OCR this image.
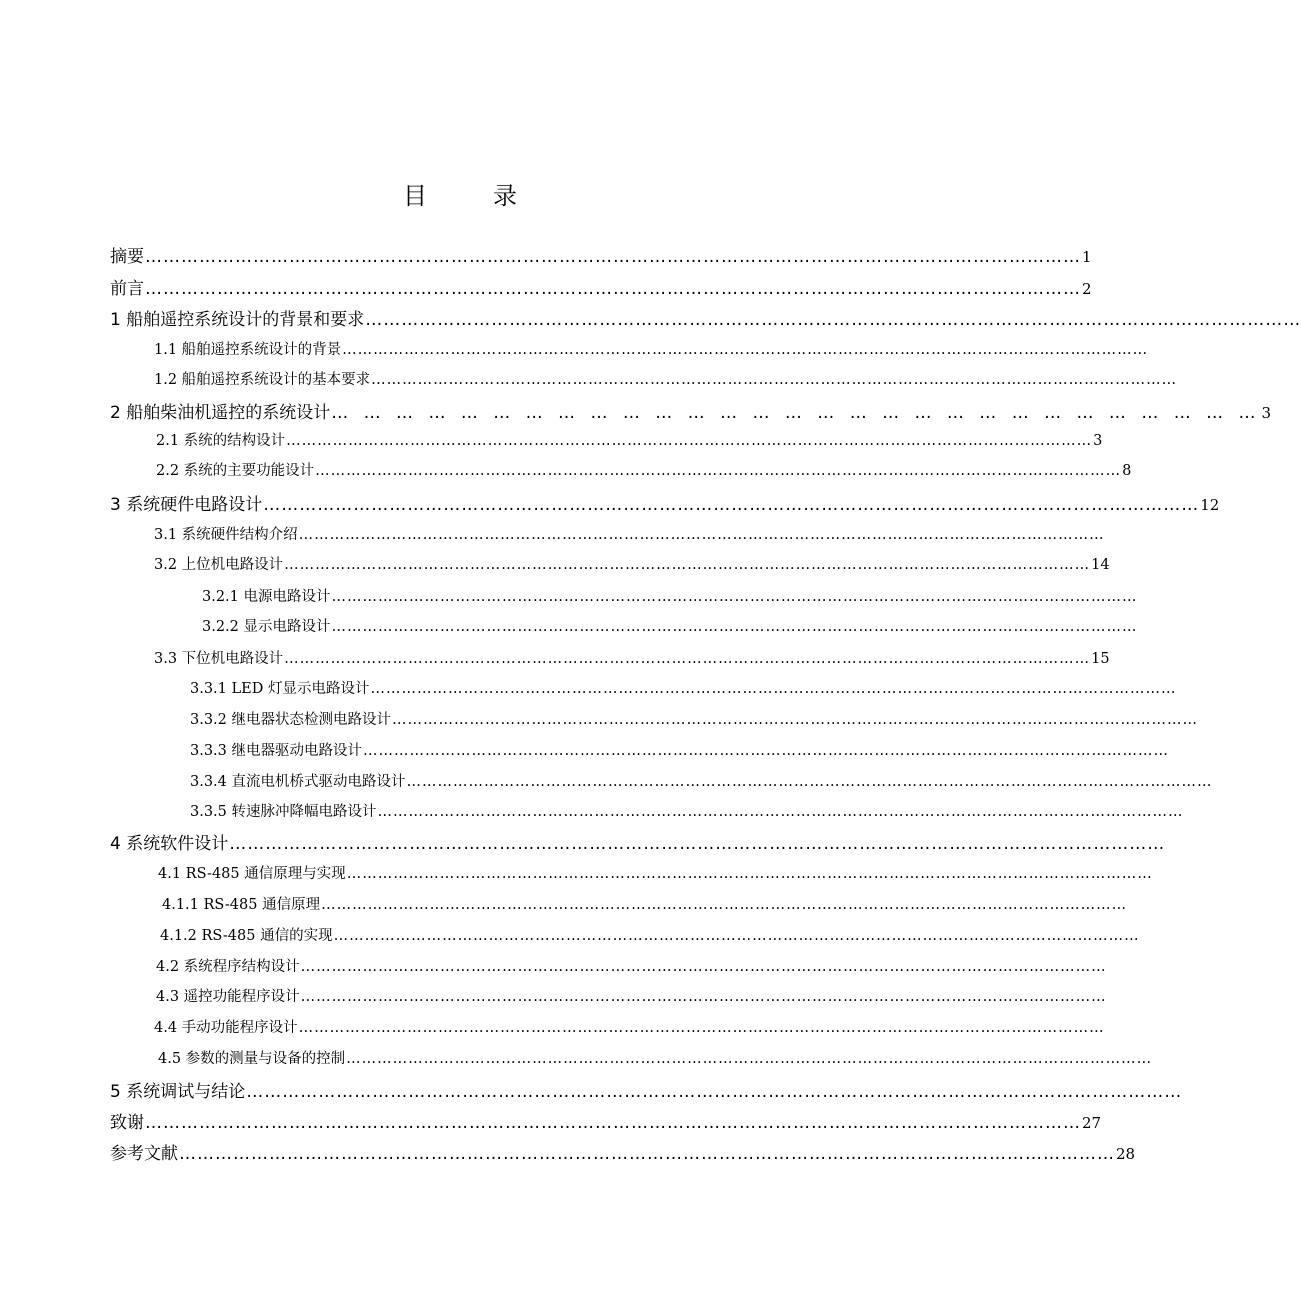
目	录
摘要 ………………………………………………………………………………………………………………………………………… 1
前言 ………………………………………………………………………………………………………………………………………… 2
1 船舶遥控系统设计的背景和要求 …………………………………………………………………………………………………………………………………………
1.1 船舶遥控系统设计的背景 …………………………………………………………………………………………………………………………………………
1.2 船舶遥控系统设计的基本要求 …………………………………………………………………………………………………………………………………………
2 船舶柴油机遥控的系统设计 … … … … … … … … … … … … … … … … … … … … … … … … … … … … … 3
2.1 系统的结构设计 ………………………………………………………………………………………………………………………………………… 3
2.2 系统的主要功能设计 ………………………………………………………………………………………………………………………………………… 8
3 系统硬件电路设计 ………………………………………………………………………………………………………………………………………… 12
3.1 系统硬件结构介绍 …………………………………………………………………………………………………………………………………………
3.2 上位机电路设计 ………………………………………………………………………………………………………………………………………… 14
3.2.1 电源电路设计 …………………………………………………………………………………………………………………………………………
3.2.2 显示电路设计 …………………………………………………………………………………………………………………………………………
3.3 下位机电路设计 ………………………………………………………………………………………………………………………………………… 15
3.3.1 LED 灯显示电路设计 …………………………………………………………………………………………………………………………………………
3.3.2 继电器状态检测电路设计 …………………………………………………………………………………………………………………………………………
3.3.3 继电器驱动电路设计 …………………………………………………………………………………………………………………………………………
3.3.4 直流电机桥式驱动电路设计 …………………………………………………………………………………………………………………………………………
3.3.5 转速脉冲降幅电路设计 …………………………………………………………………………………………………………………………………………
4 系统软件设计 …………………………………………………………………………………………………………………………………………
4.1 RS-485 通信原理与实现 …………………………………………………………………………………………………………………………………………
4.1.1 RS-485 通信原理 …………………………………………………………………………………………………………………………………………
4.1.2 RS-485 通信的实现 …………………………………………………………………………………………………………………………………………
4.2 系统程序结构设计 …………………………………………………………………………………………………………………………………………
4.3 遥控功能程序设计 …………………………………………………………………………………………………………………………………………
4.4 手动功能程序设计 …………………………………………………………………………………………………………………………………………
4.5 参数的测量与设备的控制 …………………………………………………………………………………………………………………………………………
5 系统调试与结论 …………………………………………………………………………………………………………………………………………
致谢 ………………………………………………………………………………………………………………………………………… 27
参考文献 ………………………………………………………………………………………………………………………………………… 28
